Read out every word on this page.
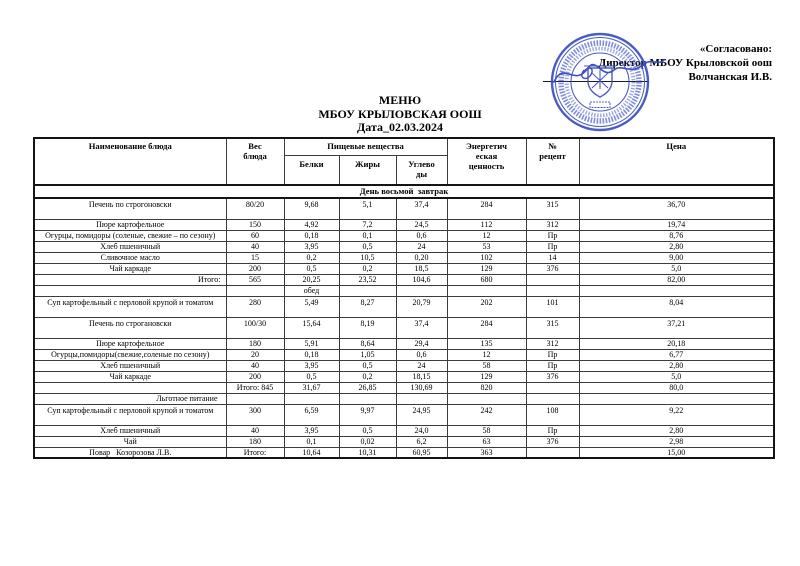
«Согласовано:
Директор МБОУ Крыловской оош
Волчанская И.В.
МЕНЮ
МБОУ КРЫЛОВСКАЯ ООШ
Дата_02.03.2024
Наименование блюда	Вес блюда	Пищевые вещества			Энергетич еская ценность	№ рецепт	Цена
		Белки	Жиры	Углево ды			
День восьмой  завтрак							
Печень по строгоновски	80/20	9,68	5,1	37,4	284	315	36,70
Пюре картофельное	150	4,92	7,2	24,5	112	312	19,74
Огурцы, помидоры (соленые, свежие – по сезону)	60	0,18	0,1	0,6	12	Пр	8,76
Хлеб пшеничный	40	3,95	0,5	24	53	Пр	2,80
Сливочное масло	15	0,2	10,5	0,20	102	14	9,00
Чай каркаде	200	0,5	0,2	18,5	129	376	5,0
Итого:	565	20,25	23,52	104,6	680		82,00
		обед					
Суп картофельный с перловой крупой и томатом	280	5,49	8,27	20,79	202	101	8,04
Печень по строгановски	100/30	15,64	8,19	37,4	284	315	37,21
Пюре картофельное	180	5,91	8,64	29,4	135	312	20,18
Огурцы,помидоры(свежие,соленые по сезону)	20	0,18	1,05	0,6	12	Пр	6,77
Хлеб пшеничный	40	3,95	0,5	24	58	Пр	2,80
Чай каркаде	200	0,5	0,2	18,15	129	376	5,0
	Итого: 845	31,67	26,85	130,69	820		80,0
Льготное питание							
Суп картофельный с перловой крупой и томатом	300	6,59	9,97	24,95	242	108	9,22
Хлеб пшеничный	40	3,95	0,5	24,0	58	Пр	2,80
Чай	180	0,1	0,02	6,2	63	376	2,98
Повар   Козорозова Л.В.	Итого:	10,64	10,31	60,95	363		15,00
